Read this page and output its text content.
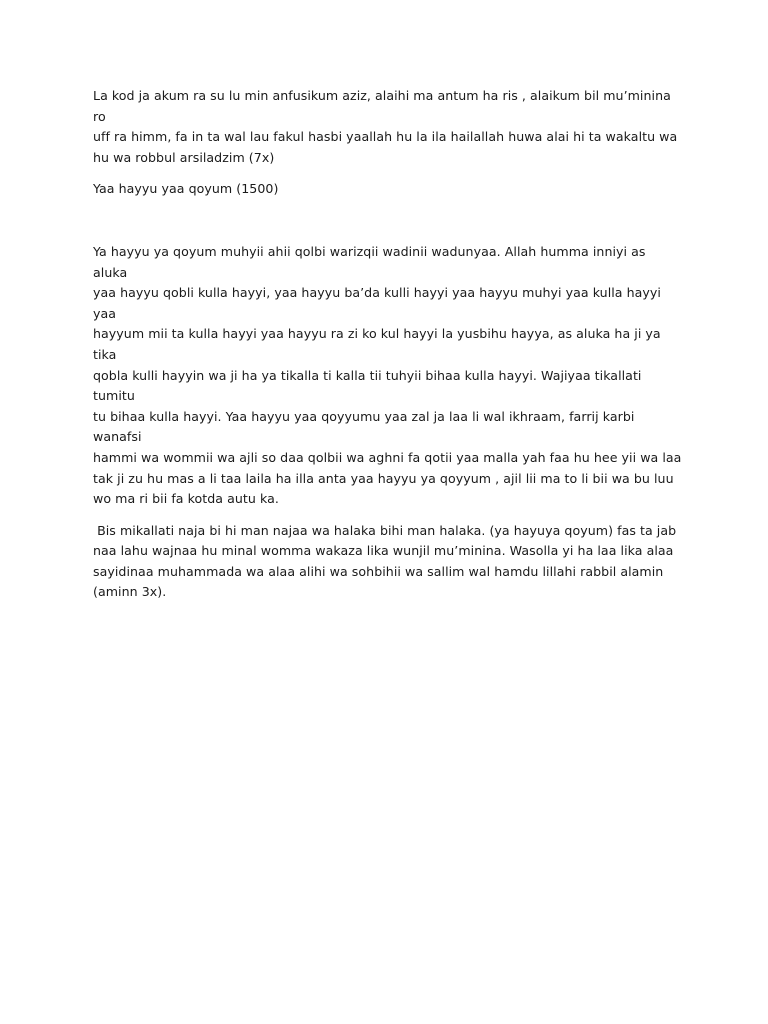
La kod ja akum ra su lu min anfusikum aziz, alaihi ma antum ha ris , alaikum bil mu’minina ro
uff ra himm, fa in ta wal lau fakul hasbi yaallah hu la ila hailallah huwa alai hi ta wakaltu wa
hu wa robbul arsiladzim (7x)

Yaa hayyu yaa qoyum (1500)

Ya hayyu ya qoyum muhyii ahii qolbi warizqii wadinii wadunyaa. Allah humma inniyi as aluka
yaa hayyu qobli kulla hayyi, yaa hayyu ba’da kulli hayyi yaa hayyu muhyi yaa kulla hayyi  yaa
hayyum mii ta kulla hayyi yaa hayyu ra zi ko kul hayyi la yusbihu hayya, as aluka ha ji ya tika
qobla kulli hayyin wa ji ha ya tikalla ti kalla tii tuhyii bihaa kulla hayyi. Wajiyaa tikallati tumitu
tu bihaa kulla hayyi. Yaa hayyu yaa qoyyumu yaa zal ja laa li wal ikhraam, farrij karbi wanafsi
hammi wa wommii wa ajli so daa qolbii wa aghni fa qotii yaa malla yah faa hu hee yii wa laa
tak ji zu hu mas a li taa laila ha illa anta yaa hayyu ya qoyyum , ajil lii ma to li bii wa bu luu
wo ma ri bii fa kotda autu ka.

Bis mikallati naja bi hi man najaa wa halaka bihi man halaka. (ya hayuya qoyum) fas ta jab
naa lahu wajnaa hu minal womma wakaza lika wunjil mu’minina. Wasolla yi ha laa lika alaa
sayidinaa muhammada wa alaa alihi wa sohbihii wa sallim wal hamdu lillahi rabbil alamin
(aminn 3x).
